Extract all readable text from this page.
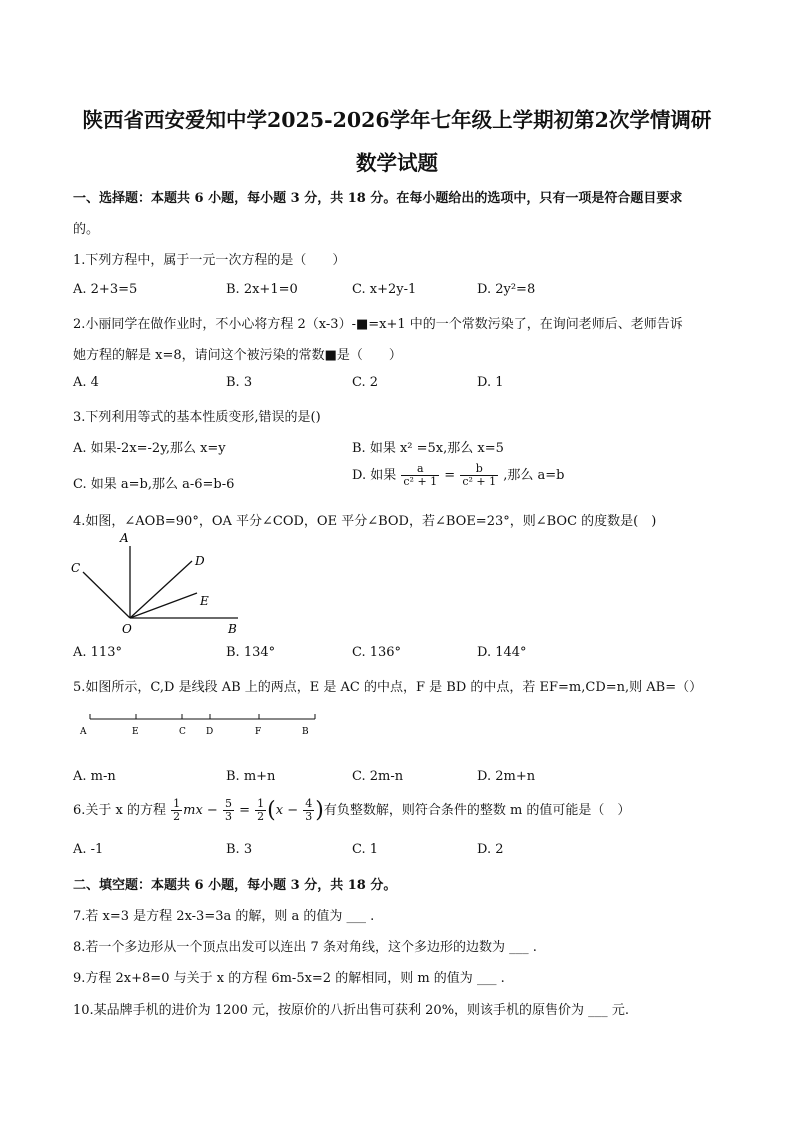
陕西省西安爱知中学2025-2026学年七年级上学期初第2次学情调研
数学试题
一、选择题：本题共 6 小题，每小题 3 分，共 18 分。在每小题给出的选项中，只有一项是符合题目要求
的。
1.下列方程中，属于一元一次方程的是（　　）
A. 2+3=5	B. 2x+1=0	C. x+2y-1	D. 2y²=8
2.小丽同学在做作业时，不小心将方程 2（x-3）-■=x+1 中的一个常数污染了，在询问老师后、老师告诉
她方程的解是 x=8，请问这个被污染的常数■是（　　）
A. 4	B. 3	C. 2	D. 1
3.下列利用等式的基本性质变形,错误的是()
A. 如果-2x=-2y,那么 x=y	B. 如果 x² =5x,那么 x=5
C. 如果 a=b,那么 a-6=b-6
D. 如果 $\frac{a}{\text{c² + 1}} = \frac{b}{\text{c² + 1}}$ ,那么 a=b
4.如图，∠AOB=90°，OA 平分∠COD，OE 平分∠BOD，若∠BOE=23°，则∠BOC 的度数是(　)
A
C	D
E
O	B
A. 113°	B. 134°	C. 136°	D. 144°
5.如图所示，C,D 是线段 AB 上的两点，E 是 AC 的中点，F 是 BD 的中点，若 EF=m,CD=n,则 AB=（）
A	E	C D	F	B
A. m-n	B. m+n	C. 2m-n	D. 2m+n
6.关于 x 的方程 $\frac{1}{2}$ mx − $\frac{5}{3} = \frac{1}{2} (x - \frac{4}{3}$ )有负整数解，则符合条件的整数 m 的值可能是（　）
A. -1	B. 3	C. 1	D. 2
二、填空题：本题共 6 小题，每小题 3 分，共 18 分。
7.若 x=3 是方程 2x-3=3a 的解，则 a 的值为 ___ .
8.若一个多边形从一个顶点出发可以连出 7 条对角线，这个多边形的边数为 ___ .
9.方程 2x+8=0 与关于 x 的方程 6m-5x=2 的解相同，则 m 的值为 ___ .
10.某品牌手机的进价为 1200 元，按原价的八折出售可获利 20%，则该手机的原售价为 ___ 元.
